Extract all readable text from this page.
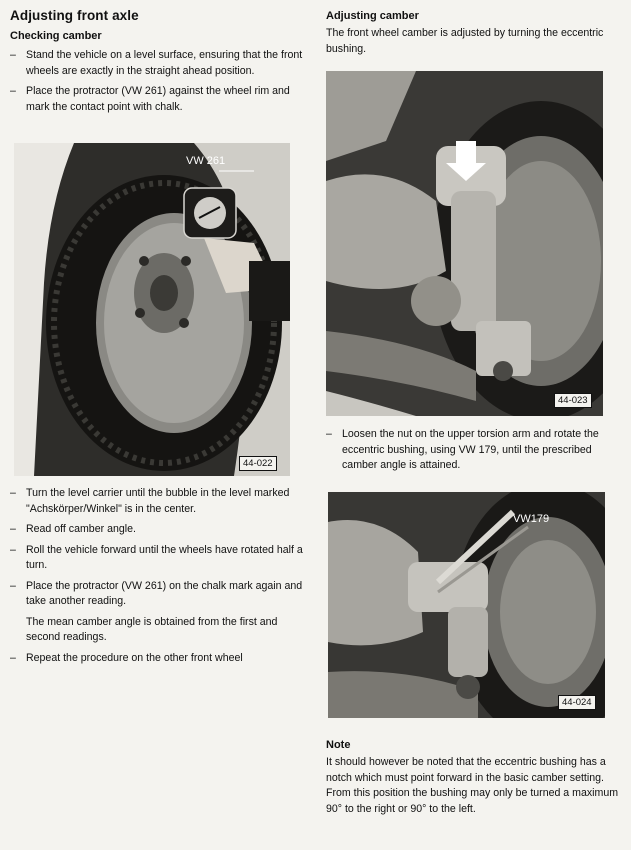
Adjusting front axle
Checking camber
– Stand the vehicle on a level surface, ensuring that the front wheels are exactly in the straight ahead position.
– Place the protractor (VW 261) against the wheel rim and mark the contact point with chalk.
VW 261
44-022
– Turn the level carrier until the bubble in the level marked "Achskörper/Winkel" is in the center.
– Read off camber angle.
– Roll the vehicle forward until the wheels have rotated half a turn.
– Place the protractor (VW 261) on the chalk mark again and take another reading.

The mean camber angle is obtained from the first and second readings.

– Repeat the procedure on the other front wheel
Adjusting camber

The front wheel camber is adjusted by turning the eccentric bushing.

44-023
– Loosen the nut on the upper torsion arm and rotate the eccentric bushing, using VW 179, until the prescribed camber angle is attained.
VW179
44-024
Note

It should however be noted that the eccentric bushing has a notch which must point forward in the basic camber setting. From this position the bushing may only be turned a maximum 90° to the right or 90° to the left.
